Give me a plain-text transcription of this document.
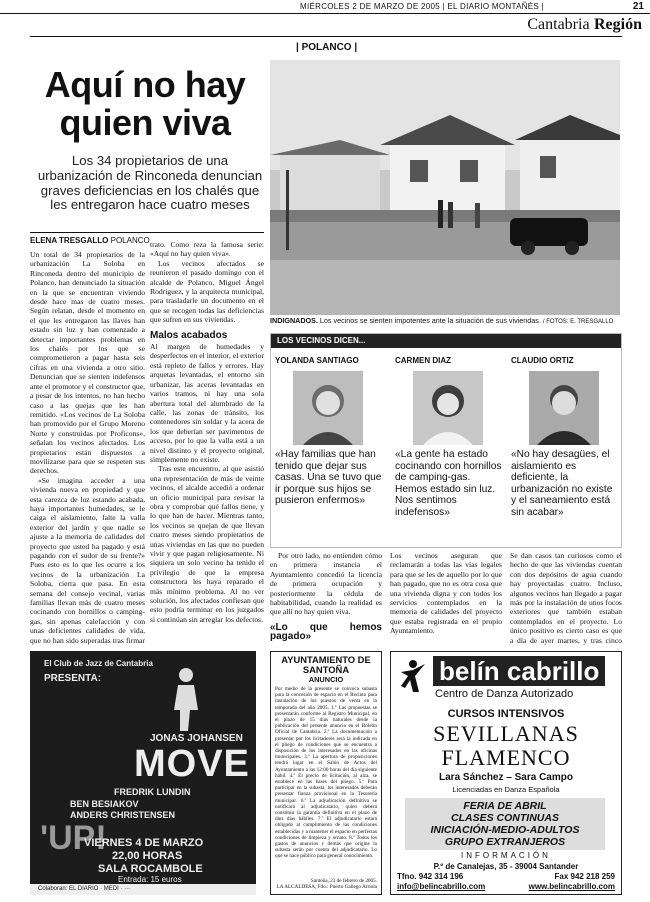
MIÉRCOLES 2 DE MARZO DE 2005 | EL DIARIO MONTAÑÉS |	21
Cantabria Región
| POLANCO |
Aquí no hay quien viva
Los 34 propietarios de una urbanización de Rinconeda denuncian graves deficiencias en los chalés que les entregaron hace cuatro meses
ELENA TRESGALLO POLANCO
Un total de 34 propietarios de la urbanización La Soloba en Rinconeda dentro del municipio de Polanco, han denunciado la situación en la que se encuentran viviendo desde hace mas de cuatro meses. Según relatan, desde el momento en el que les entregaron las llaves han estado sin luz y han comenzado a detectar importantes problemas en los chalés por los que se comprometieron a pagar hasta seis cifras en una vivienda a otro sitio. Denuncian que se sienten indefensos ante el promotor y el constructor que, a pesar de los intentos, no han hecho caso a las quejas que les han remitido. «Los vecinos de La Soloba han promovido por el Grupo Moreno Norte y construidas por Proficons», señalan los vecinos afectados. Los propietarios están dispuestos a movilizarse para que se respeten sus derechos.
«Se imagina acceder a una vivienda nueva en propiedad y que esta carezca de luz estando acabada, haya importantes humedades, se le caiga el aislamiento, falte la valla exterior del jardín y que nadie se ajuste a la memoria de calidades del proyecto que usted ha pagado y está pagando con el sudor de su frente?» Pues esto es lo que les ocurre a los vecinos de la urbanización La Soloba, cierra que pasa. En esta semana del consejo vecinal, varias familias llevan más de cuatro meses cocinando con hornillos o camping-gas, sin apenas calefacción y con unas deficientes calidades de vida, que no han sido superadas tras firmar
trato. Como reza la famosa serie: «Aquí no hay quien viva».
Los vecinos afectados se reunieron el pasado domingo con el alcalde de Polanco, Miguel Ángel Rodríguez, y la arquitecta municipal, para trasladarle un documento en el que se recogen todas las deficiencias que sufren en sus viviendas.
Malos acabados
Al margen de humedades y desperfectos en el interior, el exterior está repleto de fallos y errores. Hay arquetas levantadas, el entorno sin urbanizar, las aceras levantadas en varios tramos, ni hay una sola abertura total del alumbrado de la calle, las zonas de tránsito, los contenedores sin soldar y la acera de los que deberían ser pavimentos de acceso, por lo que la valla está a un nivel distinto y el proyecto original, simplemente no existe.
Tras este encuentro, al que asistió una representación de más de veinte vecinos, el alcalde accedió a ordenar un oficio municipal para revisar la obra y comprobar qué fallos tiene, y lo que han de hacer. Mientras tanto, los vecinos se quejan de que llevan cuatro meses siendo propietarios de unas viviendas en las que no pueden vivir y que pagan religiosamente. Ni siquiera un solo vecino ha tenido el privilegio de que la empresa constructora les haya reparado el más mínimo problema. Al no ver solución, los afectados confiesan que esto podría terminar en los juzgados si continúan sin arreglar los defectos.
INDIGNADOS. Los vecinos se sienten impotentes ante la situación de sus viviendas. / FOTOS: E. TRESGALLO
LOS VECINOS DICEN...
YOLANDA SANTIAGO
«Hay familias que han tenido que dejar sus casas. Una se tuvo que ir porque sus hijos se pusieron enfermos»
CARMEN DIAZ
«La gente ha estado cocinando con hornillos de camping-gas. Hemos estado sin luz. Nos sentimos indefensos»
CLAUDIO ORTIZ
«No hay desagües, el aislamiento es deficiente, la urbanización no existe y el saneamiento está sin acabar»
Por otro lado, no entienden cómo en primera instancia el Ayuntamiento concedió la licencia de primera ocupación y posteriormente la cédula de habitabilidad, cuando la realidad es que allí no hay quien viva.
«Lo que hemos pagado»
Los vecinos aseguran que reclamarán a todas las vías legales para que se les de aquello por lo que han pagado, que no es otra cosa que una vivienda digna y con todos los servicios contemplados en la memoria de calidades del proyecto que estaba registrada en el propio Ayuntamiento.
Se dan casos tan curiosos como el hecho de que las viviendas cuentan con dos depósitos de agua cuando hay proyectadas cuatro. Incluso, algunos vecinos han llegado a pagar más por la instalación de unos focos exteriores que también estaban contemplados en el proyecto. Lo único positivo es cierto caso es que a día de ayer martes, y tras cinco
El Club de Jazz de Cantabria
PRESENTA:
JONAS JOHANSEN
MOVE
FREDRIK LUNDIN
BEN BESIAKOV
ANDERS CHRISTENSEN
'UP!
VIERNES 4 DE MARZO
22,00 HORAS
SALA ROCAMBOLE
Entrada: 15 euros
Colaboran: EL DIARIO · MEDI · ···
AYUNTAMIENTO DE SANTOÑA
ANUNCIO
Por medio de la presente se convoca subasta para la concesión de espacio en el Recinto para instalación de los puestos de venta en la temporada del año 2005. 1.º Las propuestas se presentarán conforme al Registro Municipal, en el plazo de 15 días naturales desde la publicación del presente anuncio en el Boletín Oficial de Cantabria. 2.º La documentación a presentar por los licitadores será la indicada en el pliego de condiciones que se encuentra a disposición de los interesados en las oficinas municipales. 3.º La apertura de proposiciones tendrá lugar en el Salón de Actos del Ayuntamiento a las 12:00 horas del día siguiente hábil. 4.º El precio de licitación, al alza, se establece en las bases del pliego. 5.º Para participar en la subasta, los interesados deberán presentar fianza provisional en la Tesorería municipal. 6.º La adjudicación definitiva se notificará al adjudicatario, quien deberá constituir la garantía definitiva en el plazo de diez días hábiles. 7.º El adjudicatario estará obligado al cumplimiento de las condiciones establecidas y a mantener el espacio en perfectas condiciones de limpieza y ornato. 8.º Todos los gastos de anuncios y demás que origine la subasta serán por cuenta del adjudicatario. Lo que se hace público para general conocimiento.
Santoña, 23 de febrero de 2005.
LA ALCALDESA, Fdo.: Puerto Gallego Arriola
belín cabrillo
Centro de Danza Autorizado
CURSOS INTENSIVOS
SEVILLANAS
FLAMENCO
Lara Sánchez – Sara Campo
Licenciadas en Danza Española
FERIA DE ABRIL
CLASES CONTINUAS
INICIACIÓN-MEDIO-ADULTOS
GRUPO EXTRANJEROS
INFORMACIÓN
P.º de Canalejas, 35 - 39004 Santander
Tfno. 942 314 196	Fax 942 218 259
info@belincabrillo.com	www.belincabrillo.com
